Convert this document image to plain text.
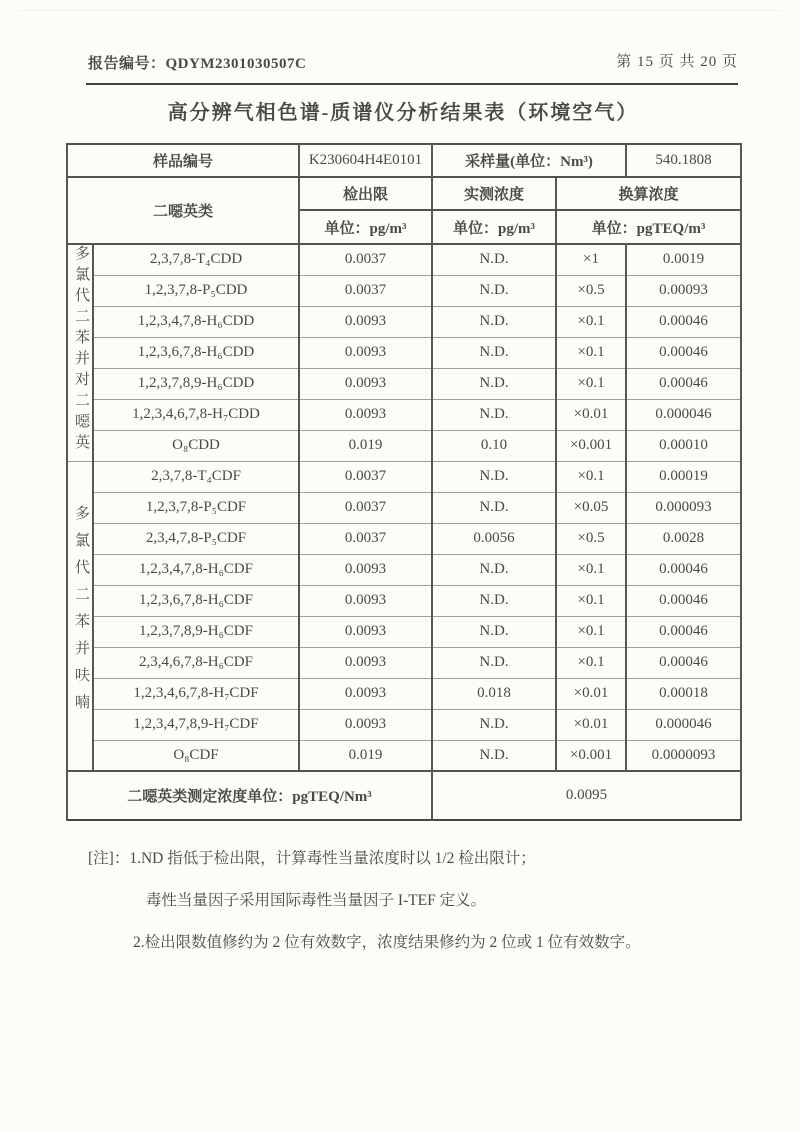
报告编号：QDYM2301030507C	第 15 页 共 20 页
高分辨气相色谱-质谱仪分析结果表（环境空气）
样品编号		K230604H4E0101	采样量(单位：Nm³)		540.1808
二噁英类		检出限	实测浓度	换算浓度	
		单位：pg/m³	单位：pg/m³	单位：pgTEQ/m³	
多氯代二苯并对二噁英	2,3,7,8-T₄CDD	0.0037	N.D.	×1	0.0019
	1,2,3,7,8-P₅CDD	0.0037	N.D.	×0.5	0.00093
	1,2,3,4,7,8-H₆CDD	0.0093	N.D.	×0.1	0.00046
	1,2,3,6,7,8-H₆CDD	0.0093	N.D.	×0.1	0.00046
	1,2,3,7,8,9-H₆CDD	0.0093	N.D.	×0.1	0.00046
	1,2,3,4,6,7,8-H₇CDD	0.0093	N.D.	×0.01	0.000046
	O₈CDD	0.019	0.10	×0.001	0.00010
多氯代二苯并呋喃	2,3,7,8-T₄CDF	0.0037	N.D.	×0.1	0.00019
	1,2,3,7,8-P₅CDF	0.0037	N.D.	×0.05	0.000093
	2,3,4,7,8-P₅CDF	0.0037	0.0056	×0.5	0.0028
	1,2,3,4,7,8-H₆CDF	0.0093	N.D.	×0.1	0.00046
	1,2,3,6,7,8-H₆CDF	0.0093	N.D.	×0.1	0.00046
	1,2,3,7,8,9-H₆CDF	0.0093	N.D.	×0.1	0.00046
	2,3,4,6,7,8-H₆CDF	0.0093	N.D.	×0.1	0.00046
	1,2,3,4,6,7,8-H₇CDF	0.0093	0.018	×0.01	0.00018
	1,2,3,4,7,8,9-H₇CDF	0.0093	N.D.	×0.01	0.000046
	O₈CDF	0.019	N.D.	×0.001	0.0000093
二噁英类测定浓度单位：pgTEQ/Nm³			0.0095		
[注]：1.ND 指低于检出限，计算毒性当量浓度时以 1/2 检出限计；
毒性当量因子采用国际毒性当量因子 I-TEF 定义。
2.检出限数值修约为 2 位有效数字，浓度结果修约为 2 位或 1 位有效数字。
